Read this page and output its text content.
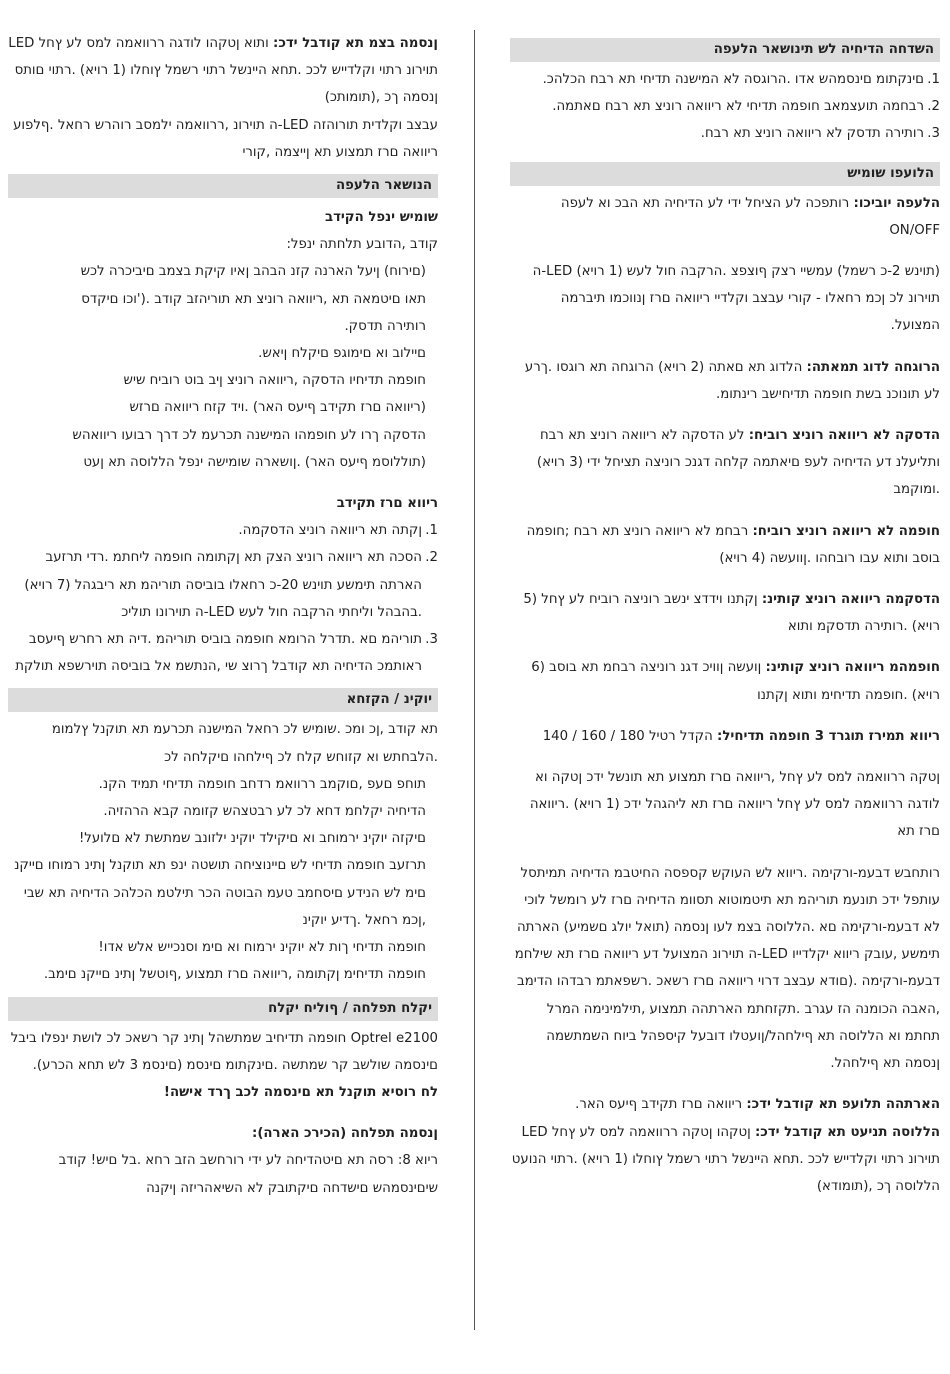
השדחה הדיחיה לש תינושאר הלעפה
1.
םינקתומ םינסמהש אדו .הרוגסה לא המישנה תדיחי תא רבח הכלהכ.
2.
רבחמה תועצמאב חופמה תדיחי לא ריוואה רוניצ תא רבח םאתמה.
3.
רותירה תדסק לא ריוואה רוניצ תא רבח.
הלועפו שומיש

הלעפה יוביכו: רותפכה לע הציחל ידי לע הדיחיה תא הבכ וא לעפה ON/OFF

(תוינש 2-כ רשמל) עמשיי רצק ףוצפצ .הרקבה חול לעש (1 רויא) LED-ה תוירונ לכ ןכמ רחאלו - קורי עבצב וקלדיי ריוואה םרז ןנווכמו תיברמה המצועל.

הרוגחה לדוג תמאתה: הלדוג תא םאתה (2 רויא) הרוגחה תא רוגסו .ךרע לע תונוכנ בשת חופמה תדיחישב רינתומ.

הדסקה לא ריוואה רוניצ רוביח: לע הדסקה לא ריוואה רוניצ תא רבח ותליעלנ דע הדיחיה לעפ םיאתמה קלחה דגנכ רוניצה תציחל ידי (3 רויא) .ומוקמב

חופמה לא ריוואה רוניצ רוביח: רבחמ לא ריוואה רוניצ תא רבח ;חופמה בוסב ותוא עבו רובחהו .ןוועשה (4 רויא)

הדסקמה ריוואה רוניצ קותינ: ןקתנו וידדצ ינשב רוניצה רוביח לע ץחל (5 רויא) .רותירה תדסקמ ותוא

חופמהמ ריוואה רוניצ קותינ: ןועשה ןוויכ דגנ רוניצה רבחמ תא בוסב (6 רויא) .חופמה תדיחימ ותוא ןקתנו

ריווא תמירז תוגרד 3 חופמה תדיחיל: הקדל רטיל 180 / 160 / 140

ןטקה ררוואמה למס לע ץחל ,ריוואה םרז תמצוע תא תונשל ידכ ןטקה וא לודגה ררוואמה למס לע ץחל ריוואה םרז תא ליהגהל ידכ (1 רויא) .ריוואה םרז תא

רותחבש דבעמ-ורקימה .ריווא לש העוקש קספסה החיטבמ הדיחיה תמיתסל עותפל ידכ תונעמ תוריהמ תא תיטמוטוא תסוומ הדיחיה םרז לע רומשל לוכי לא דבעמ-ורקימה םא .הללוסה בצמ לעו ןנסמה (תואל יולג םשמיע) הארתה תימשע ,עובק ריווא יקלדייו LED-ה תוירונ המצועל דע ריוואה םרז תא שילחמ דבעמ-ורקימה .(םודא עבצב דרוי ריוואה םרז רשאכ .רשפאתמ רבדהו הדימב ,האבה הכומנה הז עגרב .תקזחתמ הארתהה תמצוע ,תילמינימה המרל תחתמ וא הללוסה תא ףילחהל/ןועטלו דובעל קיספהל ביוח השמתשמה ןנסמה תא ףילחהל.

הארתהה תלועפ תא קודבל ידכ: ריוואה םרז תקידב ףיעס האר.

הללוסה תניעט תא קודבל ידכ: ןטקהו ןטקה ררוואמה למס לע ץחל LED תוירונ רתוי וקלדייש לככ .תחא היינשל רתוי רשמל ץוחלו (1 רויא) .רתוי הנועט הללוסה ךכ ,(תומודא)

ןנסמה בצמ תא קודבל ידכ: ותוא ןטקהו לודגה ררוואמה למס לע ץחל LED תוירונ רתוי וקלדייש לככ .תחא היינשל רתוי רשמל ץוחלו (1 רויא) .רתוי םותס ןנסמה ךכ ,(תומותכ)

עבצב וקלדית תורוהזה LED-ה תוירונ ,ררוואמה ילמסב רוהרש רחאל .ףלפוע ריוואה םרז תמצוע תא ןייצמה ,קורי

הנושאר הלעפה
שומיש ינפל הקידב

קודב ,הדובע תלחתה ינפל:

(םירוח) ןיעל הארנה קזנ הבהב ןאיו קיקת בצמב םיביכרה לכש

תאו םיטמאה תא ,ריוואה רוניצ תא תוריהזב קודב .('וכו םיקדס

רותירה תדסק.

םיילוב וא םימוגפ םיקלח ןיאש.

חופמה תדיחיו הדסקה ,ריוואה רוניצ ןיב בוט רוביח שיש

(ריוואה םרז תקידב ףיעס האר) .ויד קזח ריוואה םרזש

הדסקה ךרו לע חופמהו המישנה תכרעמ לכ דרך רבועו ריוואהש

(תוללוסמ ףיעס האר) .ןושארה שומישה ינפל הללוסה תא ןעט

ריווא םרז תקידב
1.
ןקתה תא ריוואה רוניצ הדסקמה.
2.
הסכה תא ריוואה רוניצ הצק תא ןקתומה חופמה ליחתמ .רדי תרזעב הארתה תימשע תוינש 20-כ רחאלו בוביסה תוריהמ תא ריבגהל (7 רויא) .בהבהל וליחתי הרקבה חול לעש LED-ה תוירונו תוליכ
3.
תוריהמ םא .תדרל הרומא חופמה בוביס תוריהמ .דיה תא רחרש ףיעסב ראותמכ הדיחיה תא קודבל ךרוצ שי ,הנתשמ אל בוביסה תוירשפא תולקת
יוקינ / הקזחא

תא קודב ,ןכ ומכ .שומיש לכ רחאל המישנה תכרעמ תא תוקנל ץלמומ .הלבחתש וא קזוחש קלח לכ ףילחהו םיקלחה לכ

תוחפ םעפ ,םוקמב ררוואמ רדחב חופמה תדיחי תמיד הקנ.

הדיחיה יקלחמ דחא לכ לע רבטצהש קזומה קבא הרהזיה.

םיקזה יוקינ ירמוחב וא םיקילד יוקינ ילזונב שמתשת לא םלועל!

תרזעב חופמה תדיחי לש םיינוציחה תושטה ינפ תא תוקנל ןתינ רמוחו םייקנ םימ לש הנידע םיסחמב טעמ הבוטה הכר תילטמ הכלהכ הדיחיה תא שבי ,ןכמ רחאל .ךדיע יוקינ

חופמה תדיחי ךות לא יוקינ ירמוח וא םימ וסנכייש אלש אדו!

חופמה תדיחימ ןקתומה ,ריוואה םרז תמצוע ,ףוטשל ןתינ םייקנ םימב.

יקלח תפלחה / ףוליח יקלח

Optrel e2100 חופמה תדיחיב שמתשהל ןתינ קר רשאכ לכ לושת ינפלו ביבל םינסמה שולשב קר שמתשה .םינקתומ םינסמ (םינסמ 3 לש תחא הכרע).

לח רוסיא תוקנל תא םינסמה לכב ךרד אישה!

ןנסמה תפלחה (הכירכ הארה):

ריוא 8: רסה תא םיטהדיחה לע ידי רורחשב הזב רחא .בל םיש! קודב שיםינסמהש םישדחה םיקתובק לא השיאהריזה ןיקנה
